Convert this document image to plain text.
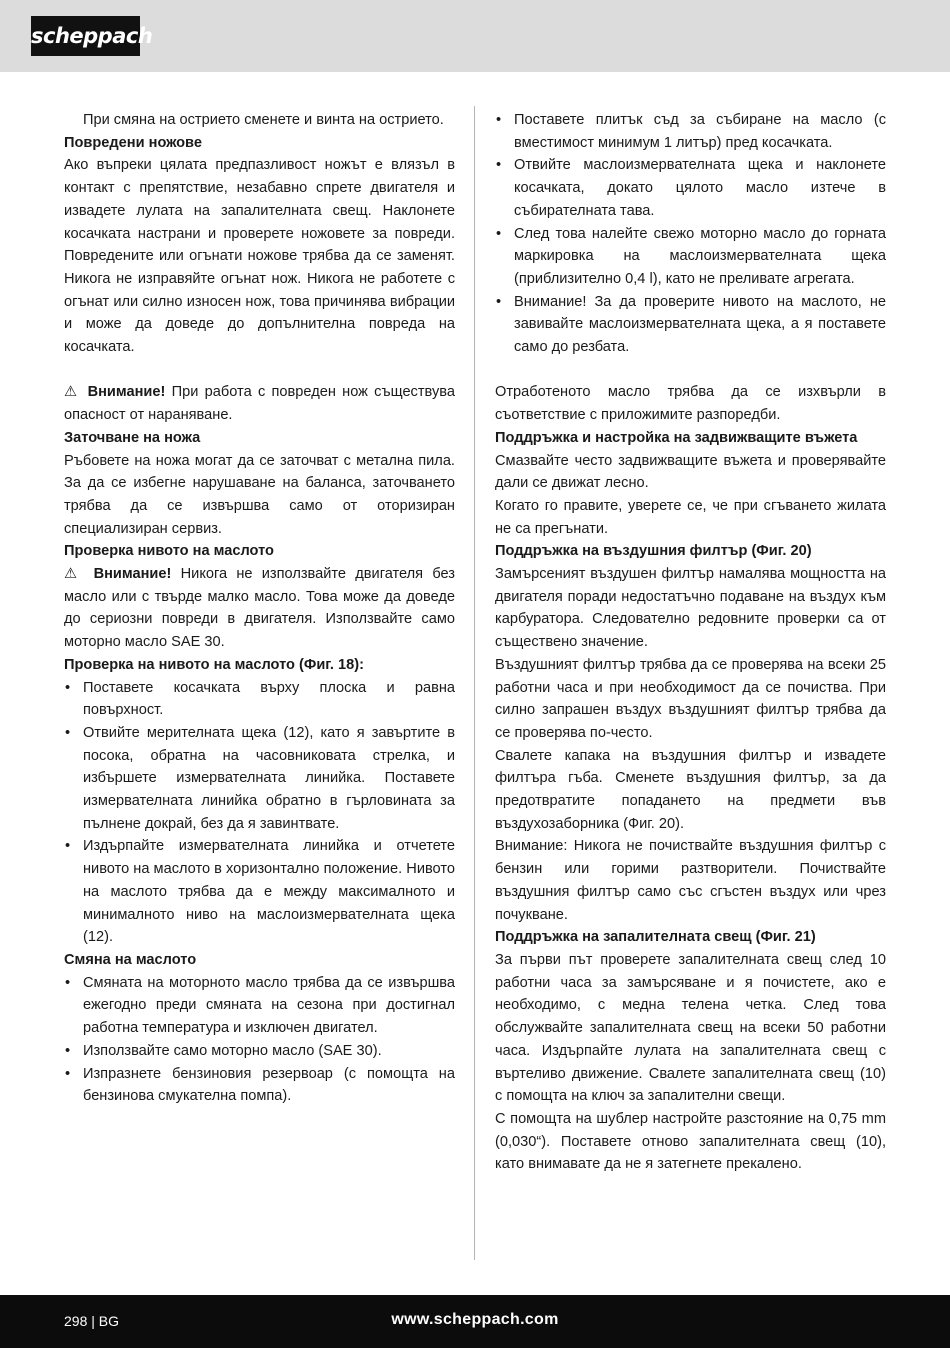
scheppach

При смяна на острието сменете и винта на острието.

Повредени ножове

Ако въпреки цялата предпазливост ножът е влязъл в контакт с препятствие, незабавно спрете двигателя и извадете лулата на запалителната свещ. Наклонете косачката настрани и проверете ножовете за повреди. Повредените или огънати ножове трябва да се заменят. Никога не изправяйте огънат нож. Никога не работете с огънат или силно износен нож, това причинява вибрации и може да доведе до допълнителна повреда на косачката.

⚠ Внимание! При работа с повреден нож съществува опасност от нараняване.

Заточване на ножа

Ръбовете на ножа могат да се заточват с метална пила. За да се избегне нарушаване на баланса, заточването трябва да се извършва само от оторизиран специализиран сервиз.

Проверка нивото на маслото

⚠ Внимание! Никога не използвайте двигателя без масло или с твърде малко масло. Това може да доведе до сериозни повреди в двигателя. Използвайте само моторно масло SAE 30.

Проверка на нивото на маслото (Фиг. 18):

• Поставете косачката върху плоска и равна повърхност.
• Отвийте мерителната щека (12), като я завъртите в посока, обратна на часовниковата стрелка, и избършете измервателната линийка. Поставете измервателната линийка обратно в гърловината за пълнене докрай, без да я завинтвате.
• Издърпайте измервателната линийка и отчетете нивото на маслото в хоризонтално положение. Нивото на маслото трябва да е между максималното и минималното ниво на маслоизмервателната щека (12).

Смяна на маслото

• Смяната на моторното масло трябва да се извършва ежегодно преди смяната на сезона при достигнал работна температура и изключен двигател.
• Използвайте само моторно масло (SAE 30).
• Изпразнете бензиновия резервоар (с помощта на бензинова смукателна помпа).
• Поставете плитък съд за събиране на масло (с вместимост минимум 1 литър) пред косачката.
• Отвийте маслоизмервателната щека и наклонете косачката, докато цялото масло изтече в събирателната тава.
• След това налейте свежо моторно масло до горната маркировка на маслоизмервателната щека (приблизително 0,4 l), като не преливате агрегата.
• Внимание! За да проверите нивото на маслото, не завивайте маслоизмервателната щека, а я поставете само до резбата.

Отработеното масло трябва да се изхвърли в съответствие с приложимите разпоредби.

Поддръжка и настройка на задвижващите въжета

Смазвайте често задвижващите въжета и проверявайте дали се движат лесно.

Когато го правите, уверете се, че при сгъването жилата не са прегънати.

Поддръжка на въздушния филтър (Фиг. 20)

Замърсеният въздушен филтър намалява мощността на двигателя поради недостатъчно подаване на въздух към карбуратора. Следователно редовните проверки са от съществено значение.

Въздушният филтър трябва да се проверява на всеки 25 работни часа и при необходимост да се почиства. При силно запрашен въздух въздушният филтър трябва да се проверява по-често.

Свалете капака на въздушния филтър и извадете филтъра гъба. Сменете въздушния филтър, за да предотвратите попадането на предмети във въздухозаборника (Фиг. 20).

Внимание: Никога не почиствайте въздушния филтър с бензин или горими разтворители. Почиствайте въздушния филтър само със сгъстен въздух или чрез почукване.

Поддръжка на запалителната свещ (Фиг. 21)

За първи път проверете запалителната свещ след 10 работни часа за замърсяване и я почистете, ако е необходимо, с медна телена четка. След това обслужвайте запалителната свещ на всеки 50 работни часа. Издърпайте лулата на запалителната свещ с въртеливо движение. Свалете запалителната свещ (10) с помощта на ключ за запалителни свещи.

С помощта на шублер настройте разстояние на 0,75 mm (0,030“). Поставете отново запалителната свещ (10), като внимавате да не я затегнете прекалено.

298 | BG	www.scheppach.com
